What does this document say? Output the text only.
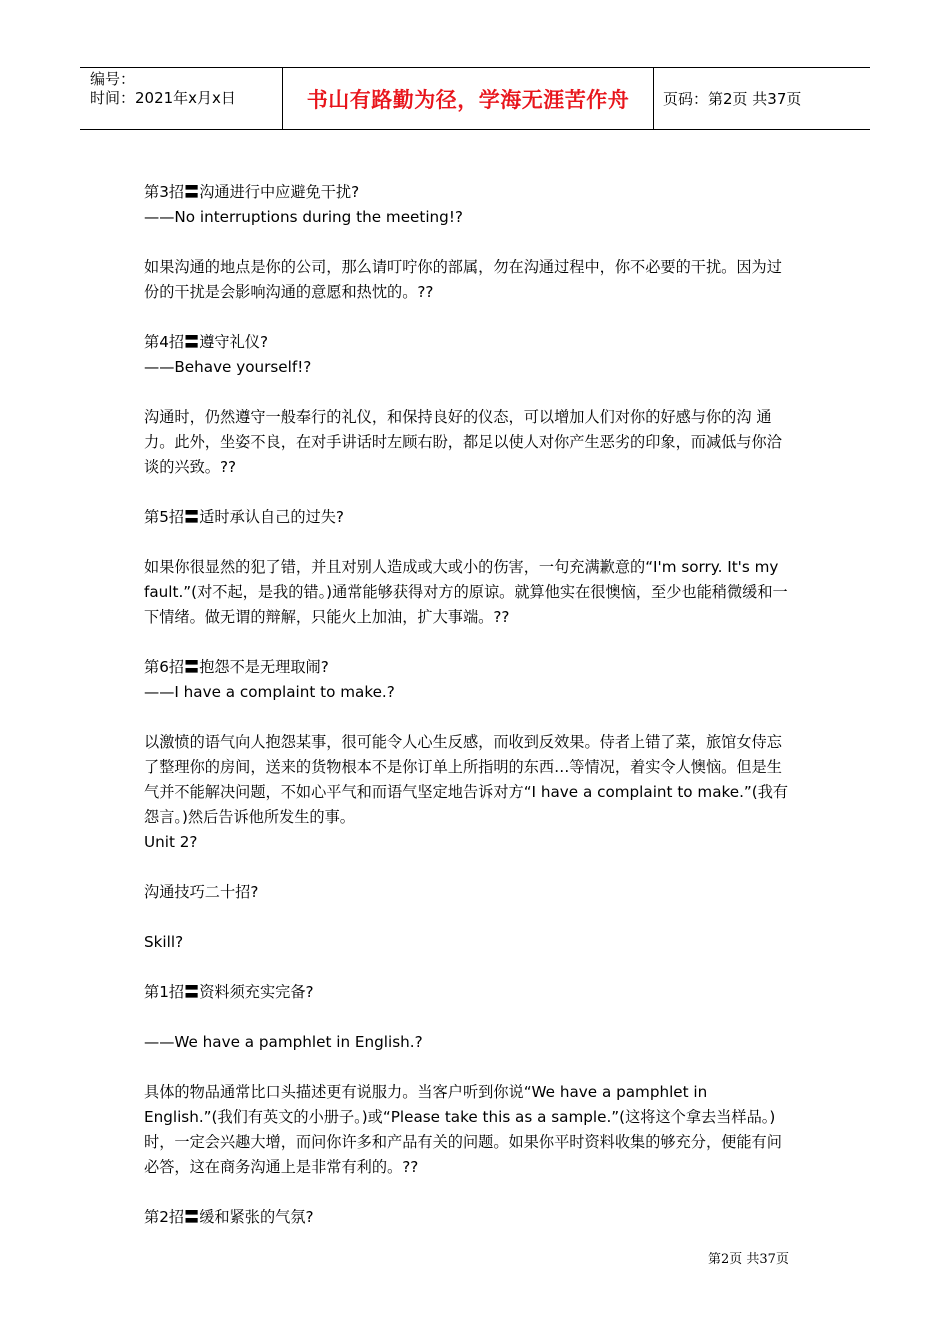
编号：
时间：2021年x月x日	书山有路勤为径，学海无涯苦作舟	页码：第2页 共37页

第3招〓沟通进行中应避免干扰?

——No interruptions during the meeting!?

如果沟通的地点是你的公司，那么请叮咛你的部属，勿在沟通过程中，你不必要的干扰。因为过份的干扰是会影响沟通的意愿和热忱的。??

第4招〓遵守礼仪?

——Behave yourself!?

沟通时，仍然遵守一般奉行的礼仪，和保持良好的仪态，可以增加人们对你的好感与你的沟 通力。此外，坐姿不良，在对手讲话时左顾右盼，都足以使人对你产生恶劣的印象，而减低与你洽谈的兴致。??

第5招〓适时承认自己的过失?

如果你很显然的犯了错，并且对别人造成或大或小的伤害，一句充满歉意的“I'm sorry. It's my fault.”(对不起，是我的错。)通常能够获得对方的原谅。就算他实在很懊恼，至少也能稍微缓和一下情绪。做无谓的辩解，只能火上加油，扩大事端。??

第6招〓抱怨不是无理取闹?

——I have a complaint to make.?

以激愤的语气向人抱怨某事，很可能令人心生反感，而收到反效果。侍者上错了菜，旅馆女侍忘了整理你的房间，送来的货物根本不是你订单上所指明的东西…等情况，着实令人懊恼。但是生气并不能解决问题，不如心平气和而语气坚定地告诉对方“I have a complaint to make.”(我有怨言。)然后告诉他所发生的事。

Unit 2?

沟通技巧二十招?

Skill?

第1招〓资料须充实完备?

——We have a pamphlet in English.?

具体的物品通常比口头描述更有说服力。当客户听到你说“We have a pamphlet in English.”(我们有英文的小册子。)或“Please take this as a sample.”(这将这个拿去当样品。)时，一定会兴趣大增，而问你许多和产品有关的问题。如果你平时资料收集的够充分，便能有问必答，这在商务沟通上是非常有利的。??

第2招〓缓和紧张的气氛?

第2页 共37页
